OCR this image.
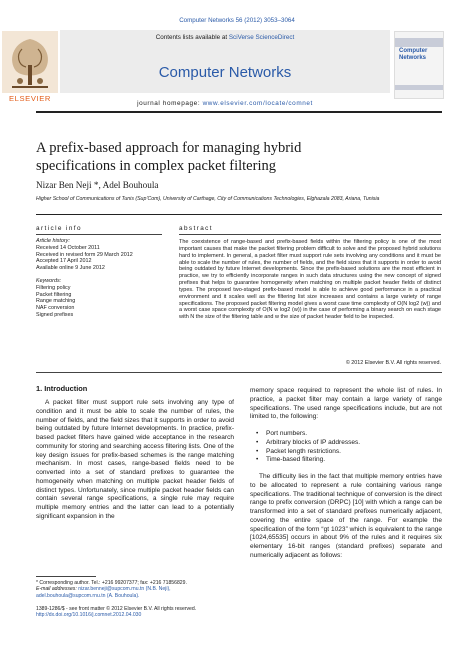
Computer Networks 56 (2012) 3053–3064
Contents lists available at SciVerse ScienceDirect
Computer Networks
ELSEVIER
journal homepage: www.elsevier.com/locate/comnet
Computer Networks
A prefix-based approach for managing hybrid specifications in complex packet filtering
Nizar Ben Neji *, Adel Bouhoula
Higher School of Communications of Tunis (Sup’Com), University of Carthage, City of Communications Technologies, Elghazala 2083, Ariana, Tunisia
article info
Article history:
Received 14 October 2011
Received in revised form 29 March 2012
Accepted 17 April 2012
Available online 9 June 2012
Keywords:
Filtering policy
Packet filtering
Range matching
NAF conversion
Signed prefixes
abstract
The coexistence of range-based and prefix-based fields within the filtering policy is one of the most important causes that make the packet filtering problem difficult to solve and the proposed hybrid solutions hard to implement. In general, a packet filter must support rule sets involving any conditions and it must be able to scale the number of rules, the number of fields, and the field sizes that it supports in order to avoid being outdated by future Internet developments. Since the prefix-based solutions are the most efficient in practice, we try to efficiently incorporate ranges in such data structures using the new concept of signed prefixes that helps to guarantee homogeneity when matching on multiple packet header fields of distinct types. The proposed two-staged prefix-based model is able to achieve good performance in a practical environment and it scales well as the filtering list size increases and contains a large variety of range specifications. The proposed packet filtering model gives a worst case time complexity of O(N log2 (w)) and a worst case space complexity of O(N w log2 (w)) in the case of performing a binary search on each stage with N the size of the filtering table and w the size of packet header field to be inspected.
© 2012 Elsevier B.V. All rights reserved.
1. Introduction
A packet filter must support rule sets involving any type of condition and it must be able to scale the number of rules, the number of fields, and the field sizes that it supports in order to avoid being outdated by future Internet developments. In practice, prefix-based packet filters have gained wide acceptance in the research community for storing and searching access filtering lists. One of the key design issues for prefix-based schemes is the range matching mechanism. In most cases, range-based fields need to be converted into a set of standard prefixes to guarantee the homogeneity when matching on multiple packet header fields of distinct types. Unfortunately, since multiple packet header fields can contain several range specifications, a single rule may require multiple memory entries and the latter can lead to a potentially significant expansion in the
memory space required to represent the whole list of rules. In practice, a packet filter may contain a large variety of range specifications. The used range specifications include, but are not limited to, the following:
• Port numbers.
• Arbitrary blocks of IP addresses.
• Packet length restrictions.
• Time-based filtering.
The difficulty lies in the fact that multiple memory entries have to be allocated to represent a rule containing various range specifications. The traditional technique of conversion is the direct range to prefix conversion (DRPC) [10] with which a range can be transformed into a set of standard prefixes numerically adjacent, covering the entire space of the range. For example the specification of the form “gt 1023” which is equivalent to the range [1024,65535] occurs in about 9% of the rules and it requires six elementary 16-bit ranges (standard prefixes) separate and numerically adjacent as follows:
* Corresponding author. Tel.: +216 99207377; fax: +216 71856829.
E-mail addresses: nizar.benneji@supcom.rnu.tn (N.B. Neji), adel.bouhoula@supcom.rnu.tn (A. Bouhoula).
1389-1286/$ - see front matter © 2012 Elsevier B.V. All rights reserved.
http://dx.doi.org/10.1016/j.comnet.2012.04.030
